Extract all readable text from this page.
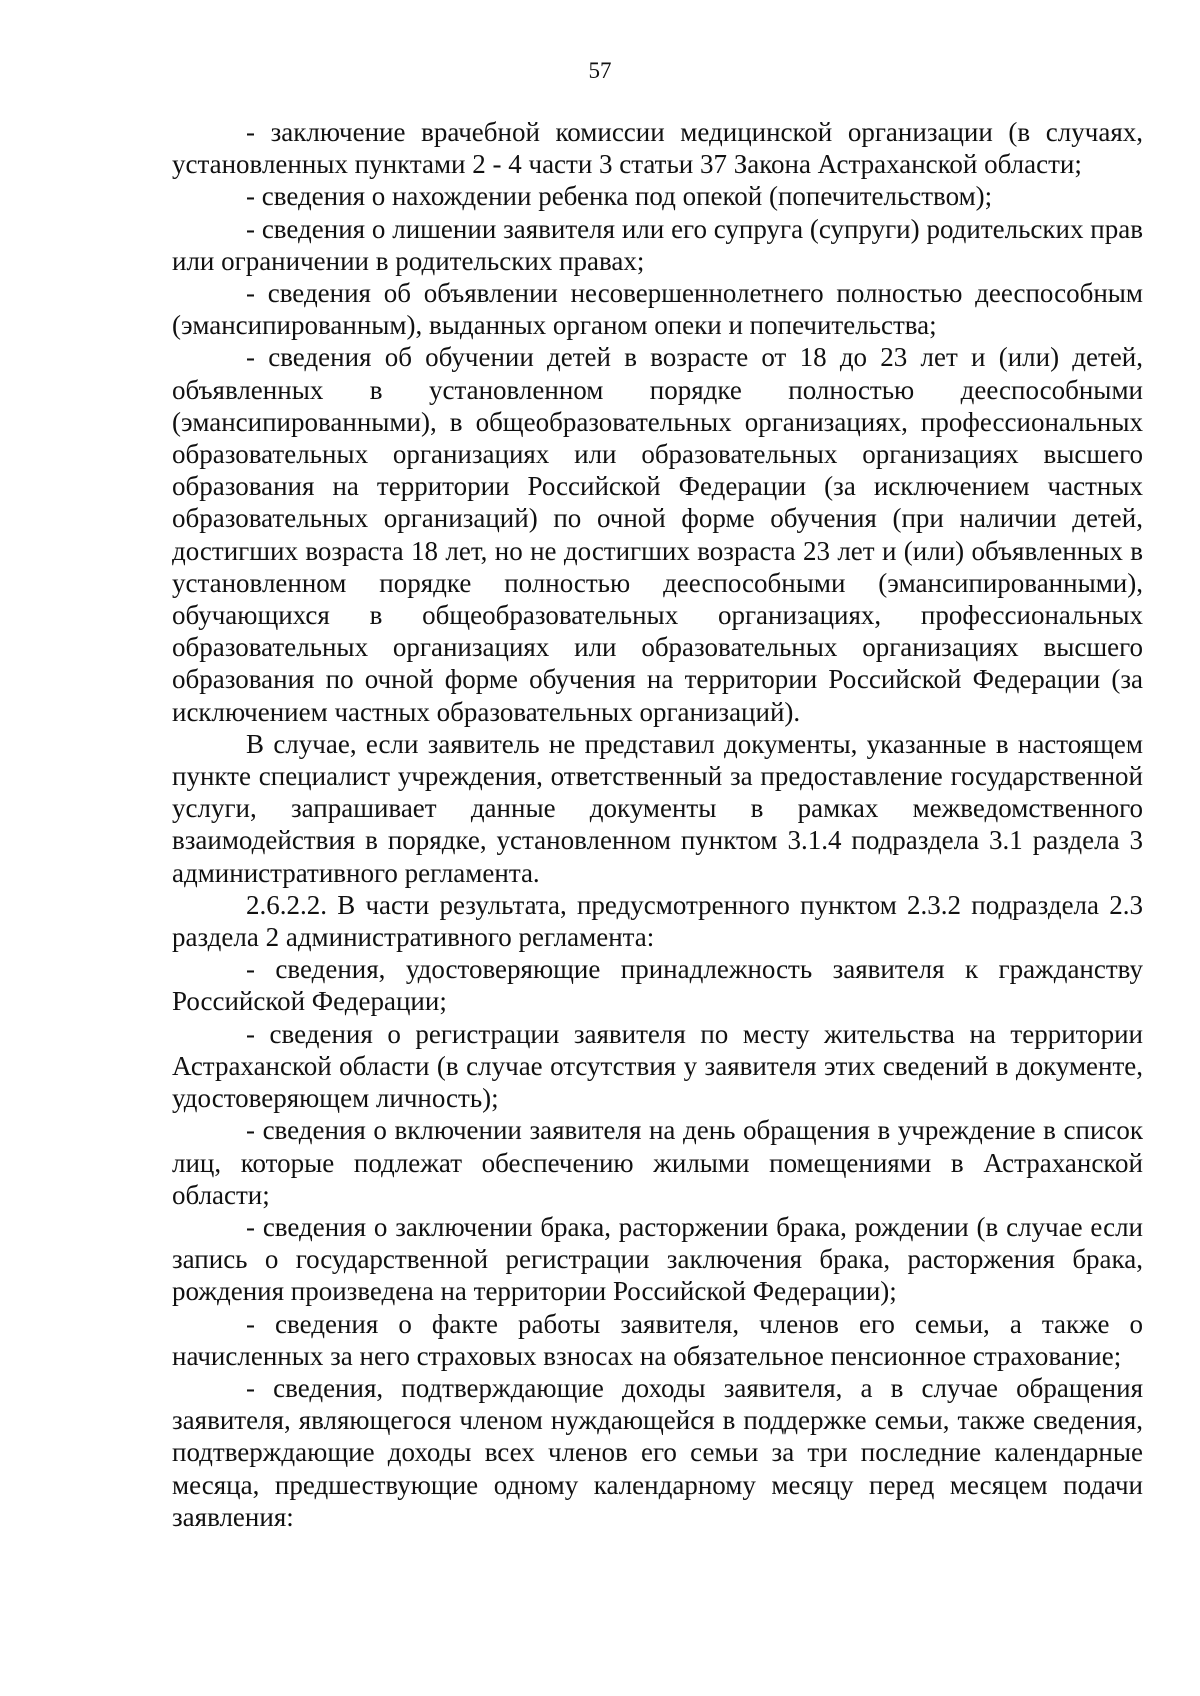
57

- заключение врачебной комиссии медицинской организации (в случаях, установленных пунктами 2 - 4 части 3 статьи 37 Закона Астраханской области;

- сведения о нахождении ребенка под опекой (попечительством);

- сведения о лишении заявителя или его супруга (супруги) родительских прав или ограничении в родительских правах;

- сведения об объявлении несовершеннолетнего полностью дееспособным (эмансипированным), выданных органом опеки и попечительства;

- сведения об обучении детей в возрасте от 18 до 23 лет и (или) детей, объявленных в установленном порядке полностью дееспособными (эмансипированными), в общеобразовательных организациях, профессиональных образовательных организациях или образовательных организациях высшего образования на территории Российской Федерации (за исключением частных образовательных организаций) по очной форме обучения (при наличии детей, достигших возраста 18 лет, но не достигших возраста 23 лет и (или) объявленных в установленном порядке полностью дееспособными (эмансипированными), обучающихся в общеобразовательных организациях, профессиональных образовательных организациях или образовательных организациях высшего образования по очной форме обучения на территории Российской Федерации (за исключением частных образовательных организаций).

В случае, если заявитель не представил документы, указанные в настоящем пункте специалист учреждения, ответственный за предоставление государственной услуги, запрашивает данные документы в рамках межведомственного взаимодействия в порядке, установленном пунктом 3.1.4 подраздела 3.1 раздела 3 административного регламента.

2.6.2.2. В части результата, предусмотренного пунктом 2.3.2 подраздела 2.3 раздела 2 административного регламента:

- сведения, удостоверяющие принадлежность заявителя к гражданству Российской Федерации;

- сведения о регистрации заявителя по месту жительства на территории Астраханской области (в случае отсутствия у заявителя этих сведений в документе, удостоверяющем личность);

- сведения о включении заявителя на день обращения в учреждение в список лиц, которые подлежат обеспечению жилыми помещениями в Астраханской области;

- сведения о заключении брака, расторжении брака, рождении (в случае если запись о государственной регистрации заключения брака, расторжения брака, рождения произведена на территории Российской Федерации);

- сведения о факте работы заявителя, членов его семьи, а также о начисленных за него страховых взносах на обязательное пенсионное страхование;

- сведения, подтверждающие доходы заявителя, а в случае обращения заявителя, являющегося членом нуждающейся в поддержке семьи, также сведения, подтверждающие доходы всех членов его семьи за три последние календарные месяца, предшествующие одному календарному месяцу перед месяцем подачи заявления:
